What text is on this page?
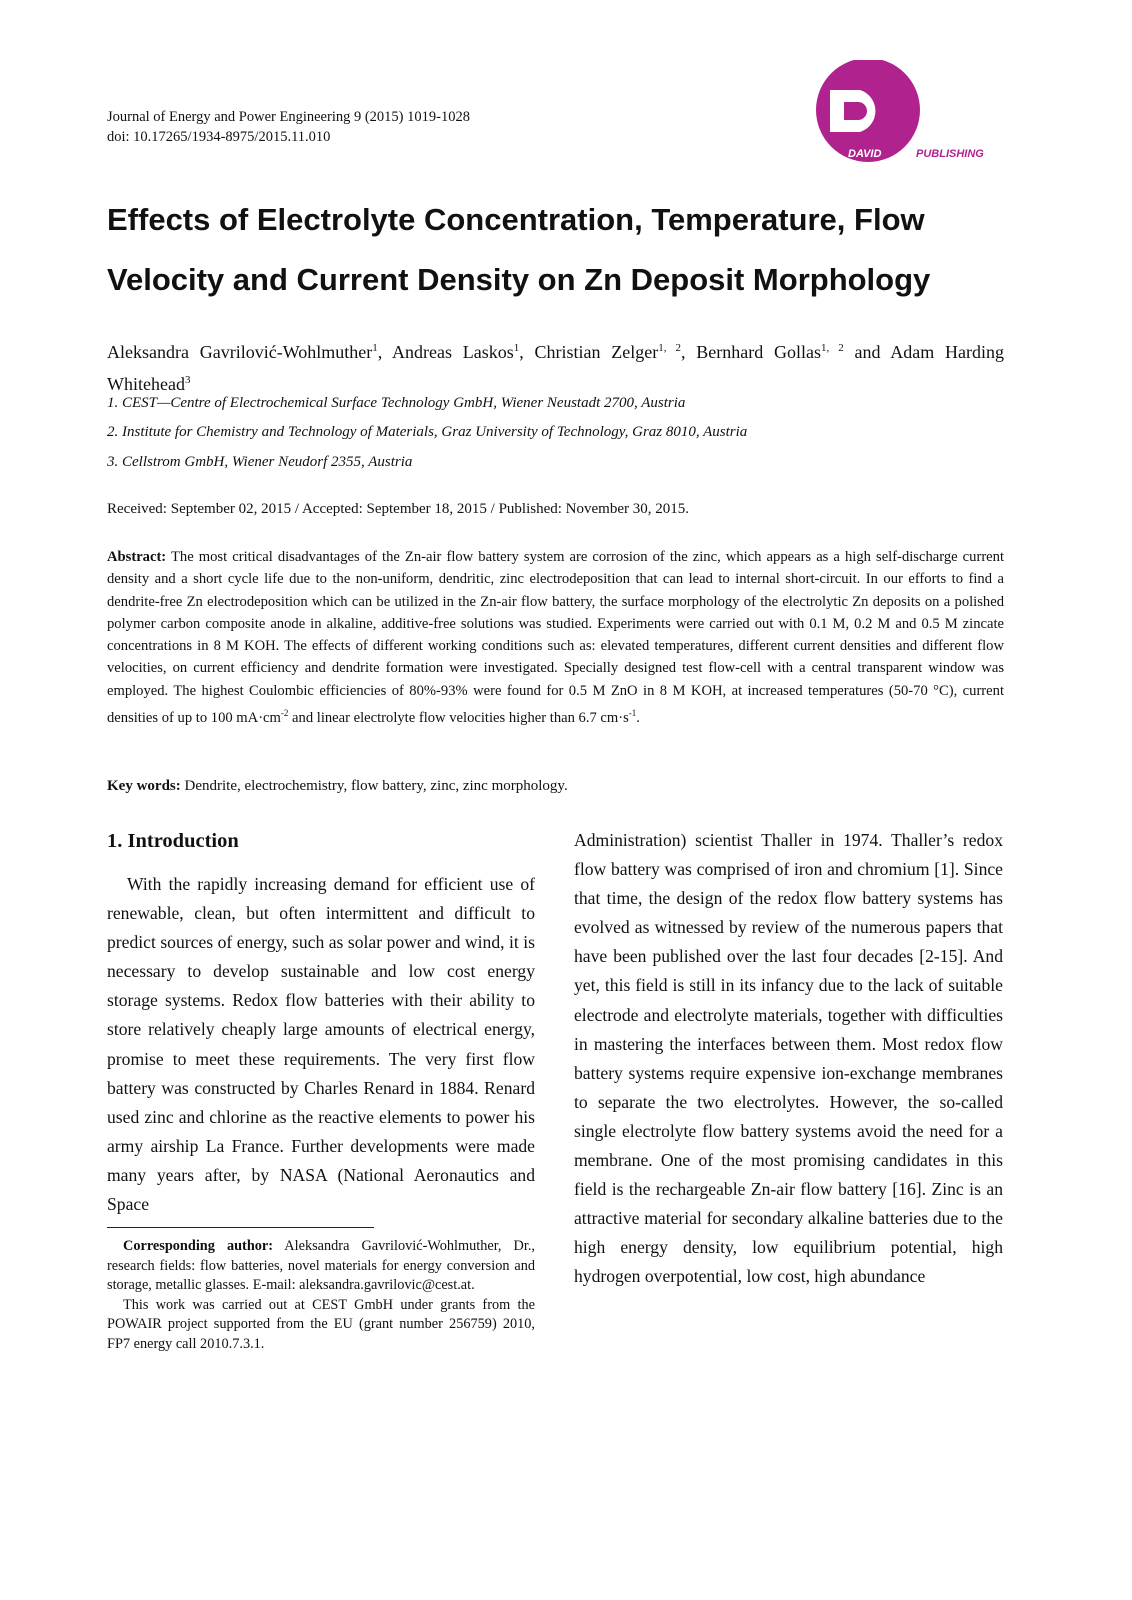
Journal of Energy and Power Engineering 9 (2015) 1019-1028
doi: 10.17265/1934-8975/2015.11.010
DAVID	PUBLISHING
Effects of Electrolyte Concentration, Temperature, Flow Velocity and Current Density on Zn Deposit Morphology
Aleksandra Gavrilović-Wohlmuther$^1$, Andreas Laskos$^1$, Christian Zelger$^{1, 2}$, Bernhard Gollas$^{1, 2}$ and Adam Harding Whitehead$^3$
1. CEST—Centre of Electrochemical Surface Technology GmbH, Wiener Neustadt 2700, Austria
2. Institute for Chemistry and Technology of Materials, Graz University of Technology, Graz 8010, Austria
3. Cellstrom GmbH, Wiener Neudorf 2355, Austria
Received: September 02, 2015 / Accepted: September 18, 2015 / Published: November 30, 2015.

Abstract: The most critical disadvantages of the Zn-air flow battery system are corrosion of the zinc, which appears as a high self-discharge current density and a short cycle life due to the non-uniform, dendritic, zinc electrodeposition that can lead to internal short-circuit. In our efforts to find a dendrite-free Zn electrodeposition which can be utilized in the Zn-air flow battery, the surface morphology of the electrolytic Zn deposits on a polished polymer carbon composite anode in alkaline, additive-free solutions was studied. Experiments were carried out with 0.1 M, 0.2 M and 0.5 M zincate concentrations in 8 M KOH. The effects of different working conditions such as: elevated temperatures, different current densities and different flow velocities, on current efficiency and dendrite formation were investigated. Specially designed test flow-cell with a central transparent window was employed. The highest Coulombic efficiencies of 80%-93% were found for 0.5 M ZnO in 8 M KOH, at increased temperatures (50-70 °C), current densities of up to 100 $mA\cdot cm^{-2}$ and linear electrolyte flow velocities higher than 6.7 $cm\cdot s^{-1}$.

Key words: Dendrite, electrochemistry, flow battery, zinc, zinc morphology.
1. Introduction

With the rapidly increasing demand for efficient use of renewable, clean, but often intermittent and difficult to predict sources of energy, such as solar power and wind, it is necessary to develop sustainable and low cost energy storage systems. Redox flow batteries with their ability to store relatively cheaply large amounts of electrical energy, promise to meet these requirements. The very first flow battery was constructed by Charles Renard in 1884. Renard used zinc and chlorine as the reactive elements to power his army airship La France. Further developments were made many years after, by NASA (National Aeronautics and Space

Administration) scientist Thaller in 1974. Thaller’s redox flow battery was comprised of iron and chromium [1]. Since that time, the design of the redox flow battery systems has evolved as witnessed by review of the numerous papers that have been published over the last four decades [2-15]. And yet, this field is still in its infancy due to the lack of suitable electrode and electrolyte materials, together with difficulties in mastering the interfaces between them. Most redox flow battery systems require expensive ion-exchange membranes to separate the two electrolytes. However, the so-called single electrolyte flow battery systems avoid the need for a membrane. One of the most promising candidates in this field is the rechargeable Zn-air flow battery [16]. Zinc is an attractive material for secondary alkaline batteries due to the high energy density, low equilibrium potential, high hydrogen overpotential, low cost, high abundance

Corresponding author: Aleksandra Gavrilović-Wohlmuther, Dr., research fields: flow batteries, novel materials for energy conversion and storage, metallic glasses. E-mail: aleksandra.gavrilovic@cest.at.

This work was carried out at CEST GmbH under grants from the POWAIR project supported from the EU (grant number 256759) 2010, FP7 energy call 2010.7.3.1.
